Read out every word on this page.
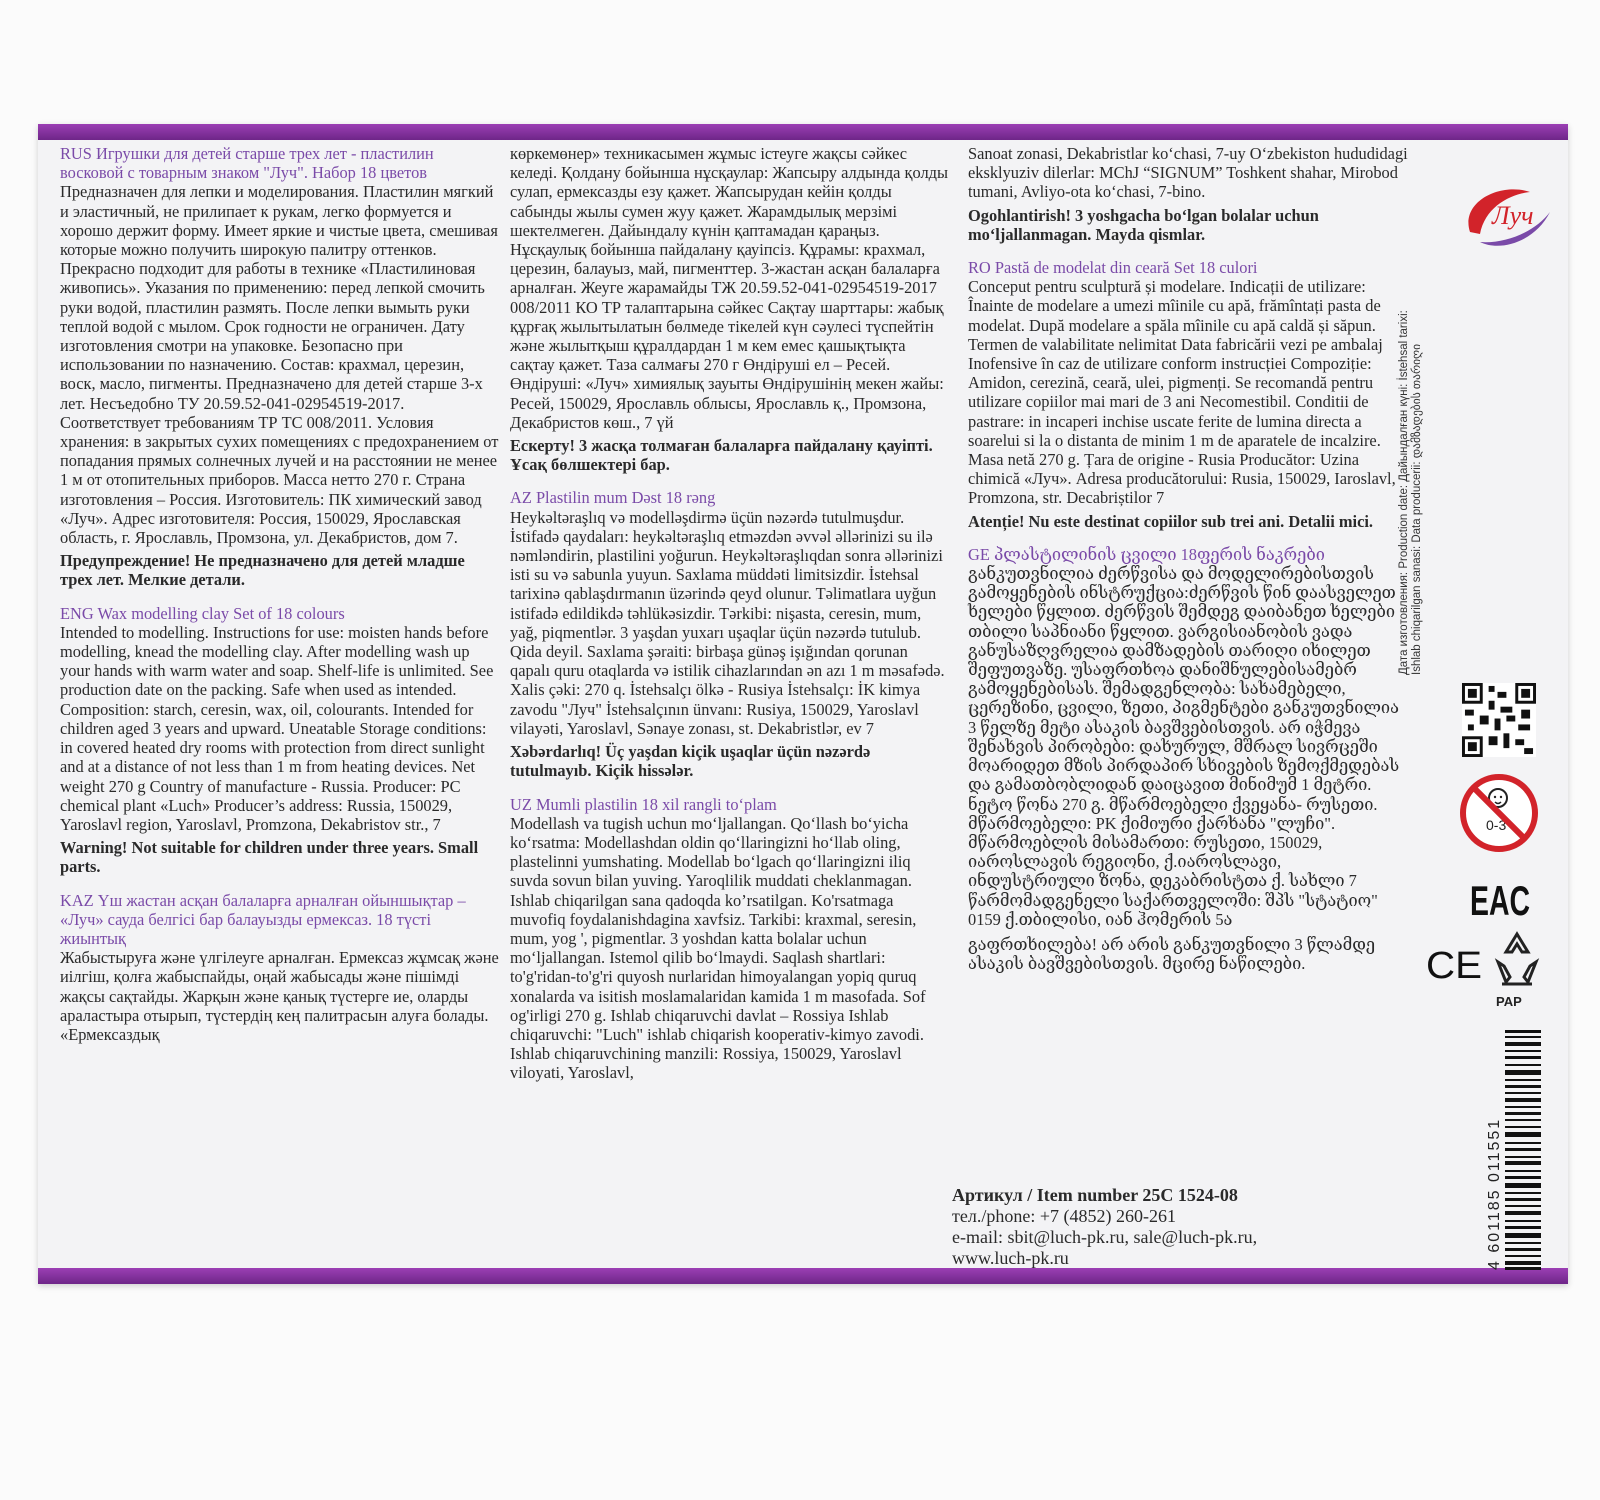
RUS Игрушки для детей старше трех лет - пластилин восковой с товарным знаком "Луч". Набор 18 цветов

Предназначен для лепки и моделирования. Пластилин мягкий и эластичный, не прилипает к рукам, легко формуется и хорошо держит форму. Имеет яркие и чистые цвета, смешивая которые можно получить широкую палитру оттенков. Прекрасно подходит для работы в технике «Пластилиновая живопись». Указания по применению: перед лепкой смочить руки водой, пластилин размять. После лепки вымыть руки теплой водой с мылом. Срок годности не ограничен. Дату изготовления смотри на упаковке. Безопасно при использовании по назначению. Состав: крахмал, церезин, воск, масло, пигменты. Предназначено для детей старше 3-х лет. Несъедобно ТУ 20.59.52-041-02954519-2017. Соответствует требованиям ТР ТС 008/2011. Условия хранения: в закрытых сухих помещениях с предохранением от попадания прямых солнечных лучей и на расстоянии не менее 1 м от отопительных приборов. Масса нетто 270 г. Страна изготовления – Россия. Изготовитель: ПК химический завод «Луч». Адрес изготовителя: Россия, 150029, Ярославская область, г. Ярославль, Промзона, ул. Декабристов, дом 7.

Предупреждение! Не предназначено для детей младше трех лет. Мелкие детали.

ENG Wax modelling clay Set of 18 colours

Intended to modelling. Instructions for use: moisten hands before modelling, knead the modelling clay. After modelling wash up your hands with warm water and soap. Shelf-life is unlimited. See production date on the packing. Safe when used as intended. Composition: starch, ceresin, wax, oil, colourants. Intended for children aged 3 years and upward. Uneatable Storage conditions: in covered heated dry rooms with protection from direct sunlight and at a distance of not less than 1 m from heating devices. Net weight 270 g Country of manufacture - Russia. Producer: PC chemical plant «Luch» Producer’s address: Russia, 150029, Yaroslavl region, Yaroslavl, Promzona, Dekabristov str., 7

Warning! Not suitable for children under three years. Small parts.

KAZ Үш жастан асқан балаларға арналған ойыншықтар – «Луч» сауда белгісі бар балауызды ермексаз. 18 түсті жиынтық

Жабыстыруға және үлгілеуге арналған. Ермексаз жұмсақ және иілгіш, қолға жабыспайды, оңай жабысады және пішімді жақсы сақтайды. Жарқын және қанық түстерге ие, оларды араластыра отырып, түстердің кең палитрасын алуға болады. «Ермексаздық

көркемөнер» техникасымен жұмыс істеуге жақсы сәйкес келеді. Қолдану бойынша нұсқаулар: Жапсыру алдында қолды сулап, ермексазды езу қажет. Жапсырудан кейін қолды сабынды жылы сумен жуу қажет. Жарамдылық мерзімі шектелмеген. Дайындалу күнін қаптамадан қараңыз. Нұсқаулық бойынша пайдалану қауіпсіз. Құрамы: крахмал, церезин, балауыз, май, пигменттер. 3-жастан асқан балаларға арналған. Жеуге жарамайды ТЖ 20.59.52-041-02954519-2017 008/2011 КО ТР талаптарына сәйкес Сақтау шарттары: жабық құрғақ жылытылатын бөлмеде тікелей күн сәулесі түспейтін және жылытқыш құралдардан 1 м кем емес қашықтықта сақтау қажет. Таза салмағы 270 г Өндіруші ел – Ресей. Өндіруші: «Луч» химиялық зауыты Өндірушінің мекен жайы: Ресей, 150029, Ярославль облысы, Ярославль қ., Промзона, Декабристов көш., 7 үй

Ескерту! 3 жасқа толмаған балаларға пайдалану қауіпті. Ұсақ бөлшектері бар.

AZ Plastilin mum Dəst 18 rəng

Heykəltəraşlıq və modelləşdirmə üçün nəzərdə tutulmuşdur. İstifadə qaydaları: heykəltəraşlıq etməzdən əvvəl əllərinizi su ilə nəmləndirin, plastilini yoğurun. Heykəltəraşlıqdan sonra əllərinizi isti su və sabunla yuyun. Saxlama müddəti limitsizdir. İstehsal tarixinə qablaşdırmanın üzərində qeyd olunur. Təlimatlara uyğun istifadə edildikdə təhlükəsizdir. Tərkibi: nişasta, ceresin, mum, yağ, piqmentlər. 3 yaşdan yuxarı uşaqlar üçün nəzərdə tutulub. Qida deyil. Saxlama şəraiti: birbaşa günəş işığından qorunan qapalı quru otaqlarda və istilik cihazlarından ən azı 1 m məsafədə. Xalis çəki: 270 q. İstehsalçı ölkə - Rusiya İstehsalçı: İK kimya zavodu "Луч" İstehsalçının ünvanı: Rusiya, 150029, Yaroslavl vilayəti, Yaroslavl, Sənaye zonası, st. Dekabristlər, ev 7

Xəbərdarlıq! Üç yaşdan kiçik uşaqlar üçün nəzərdə tutulmayıb. Kiçik hissələr.

UZ Mumli plastilin 18 xil rangli to‘plam

Modellash va tugish uchun mo‘ljallangan. Qo‘llash bo‘yicha ko‘rsatma: Modellashdan oldin qo‘llaringizni ho‘llab oling, plastelinni yumshating. Modellab bo‘lgach qo‘llaringizni iliq suvda sovun bilan yuving. Yaroqlilik muddati cheklanmagan. Ishlab chiqarilgan sana qadoqda ko’rsatilgan. Ko'rsatmaga muvofiq foydalanishdagina xavfsiz. Tarkibi: kraxmal, seresin, mum, yog ', pigmentlar. 3 yoshdan katta bolalar uchun mo‘ljallangan. Istemol qilib bo‘lmaydi. Saqlash shartlari: to'g'ridan-to'g'ri quyosh nurlaridan himoyalangan yopiq quruq xonalarda va isitish moslamalaridan kamida 1 m masofada. Sof og'irligi 270 g. Ishlab chiqaruvchi davlat – Rossiya Ishlab chiqaruvchi: "Luch" ishlab chiqarish kooperativ-kimyo zavodi. Ishlab chiqaruvchining manzili: Rossiya, 150029, Yaroslavl viloyati, Yaroslavl,

Sanoat zonasi, Dekabristlar ko‘chasi, 7-uy O‘zbekiston hududidagi eksklyuziv dilerlar: MChJ “SIGNUM” Toshkent shahar, Mirobod tumani, Avliyo-ota ko‘chasi, 7-bino.

Ogohlantirish! 3 yoshgacha bo‘lgan bolalar uchun mo‘ljallanmagan. Mayda qismlar.

RO Pastă de modelat din ceară Set 18 culori

Conceput pentru sculptură și modelare. Indicații de utilizare: Înainte de modelare a umezi mîinile cu apă, frămîntați pasta de modelat. După modelare a spăla mîinile cu apă caldă și săpun. Termen de valabilitate nelimitat Data fabricării vezi pe ambalaj Inofensive în caz de utilizare conform instrucției Compoziție: Amidon, cerezină, ceară, ulei, pigmenți. Se recomandă pentru utilizare copiilor mai mari de 3 ani Necomestibil. Conditii de pastrare: in incaperi inchise uscate ferite de lumina directa a soarelui si la o distanta de minim 1 m de aparatele de incalzire. Masa netă 270 g. Țara de origine - Rusia Producător: Uzina chimică «Луч». Adresa producătorului: Rusia, 150029, Iaroslavl, Promzona, str. Decabriștilor 7

Atenție! Nu este destinat copiilor sub trei ani. Detalii mici.

GE პლასტილინის ცვილი 18ფერის ნაკრები

განკუთვნილია ძერწვისა და მოდელირებისთვის გამოყენების ინსტრუქცია:ძერწვის წინ დაასველეთ ხელები წყლით. ძერწვის შემდეგ დაიბანეთ ხელები თბილი საპნიანი წყლით. ვარგისიანობის ვადა განუსაზღვრელია დამზადების თარიღი იხილეთ შეფუთვაზე. უსაფრთხოა დანიშნულებისამებრ გამოყენებისას. შემადგენლობა: სახამებელი, ცერეზინი, ცვილი, ზეთი, პიგმენტები განკუთვნილია 3 წელზე მეტი ასაკის ბავშვებისთვის. არ იჭმევა შენახვის პირობები: დახურულ, მშრალ სივრცეში მოარიდეთ მზის პირდაპირ სხივების ზემოქმედებას და გამათბობლიდან დაიცავით მინიმუმ 1 მეტრი. ნეტო წონა 270 გ. მწარმოებელი ქვეყანა- რუსეთი. მწარმოებელი: PK ქიმიური ქარხანა "ლუჩი". მწარმოებლის მისამართი: რუსეთი, 150029, იაროსლავის რეგიონი, ქ.იაროსლავი, ინდუსტრიული ზონა, დეკაბრისტთა ქ. სახლი 7 წარმომადგენელი საქართველოში: შპს "სტატიო" 0159 ქ.თბილისი, იან ჰომერის 5ა

გაფრთხილება! არ არის განკუთვნილი 3 წლამდე ასაკის ბავშვებისთვის. მცირე ნაწილები.

Артикул / Item number 25C 1524-08
тел./phone: +7 (4852) 260-261
e-mail: sbit@luch-pk.ru, sale@luch-pk.ru,
www.luch-pk.ru
Луч
Дата изготовления: Production date: Дайындалған күні: İstehsal tarixi: Ishlab chiqarilgan sanasi: Data producerii: დამზადების თარიღი
0-3
EAC
CE
PAP
4 601185 011551
